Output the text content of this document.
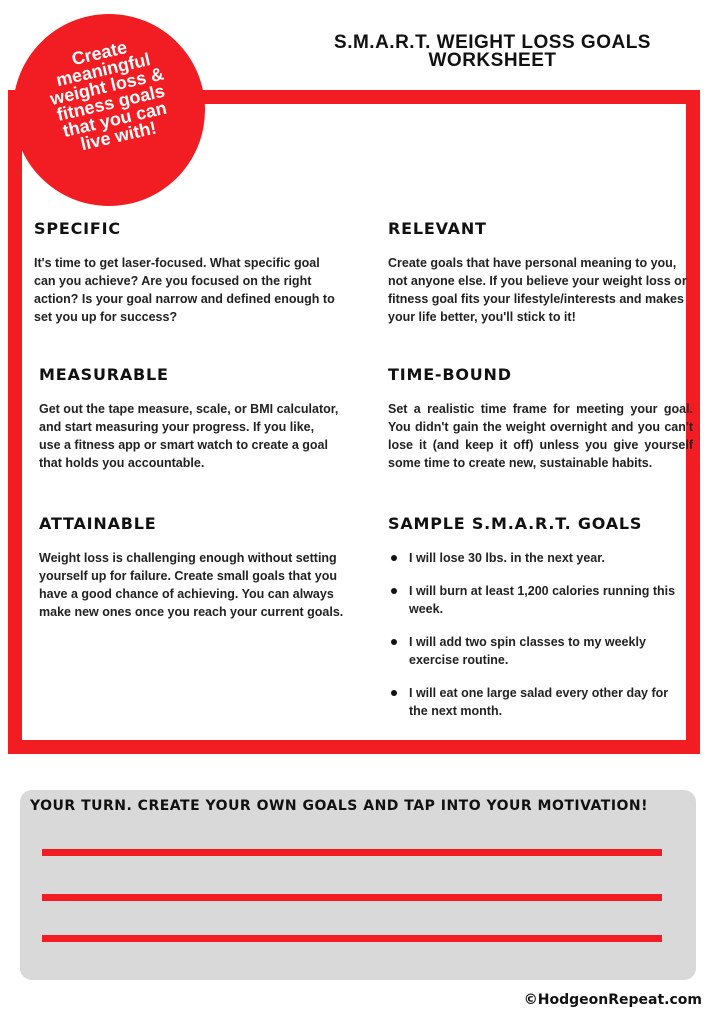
S.M.A.R.T. WEIGHT LOSS GOALS WORKSHEET
Create
meaningful
weight loss &
fitness goals
that you can
live with!
SPECIFIC

It's time to get laser-focused. What specific goal can you achieve? Are you focused on the right action? Is your goal narrow and defined enough to set you up for success?

RELEVANT

Create goals that have personal meaning to you, not anyone else. If you believe your weight loss or fitness goal fits your lifestyle/interests and makes your life better, you'll stick to it!

MEASURABLE

Get out the tape measure, scale, or BMI calculator, and start measuring your progress. If you like, use a fitness app or smart watch to create a goal that holds you accountable.

TIME-BOUND

Set a realistic time frame for meeting your goal. You didn't gain the weight overnight and you can't lose it (and keep it off) unless you give yourself some time to create new, sustainable habits.

ATTAINABLE

Weight loss is challenging enough without setting yourself up for failure. Create small goals that you have a good chance of achieving. You can always make new ones once you reach your current goals.

SAMPLE S.M.A.R.T. GOALS
I will lose 30 lbs. in the next year.
I will burn at least 1,200 calories running this week.
I will add two spin classes to my weekly exercise routine.
I will eat one large salad every other day for the next month.
YOUR TURN. CREATE YOUR OWN GOALS AND TAP INTO YOUR MOTIVATION!
©HodgeonRepeat.com
